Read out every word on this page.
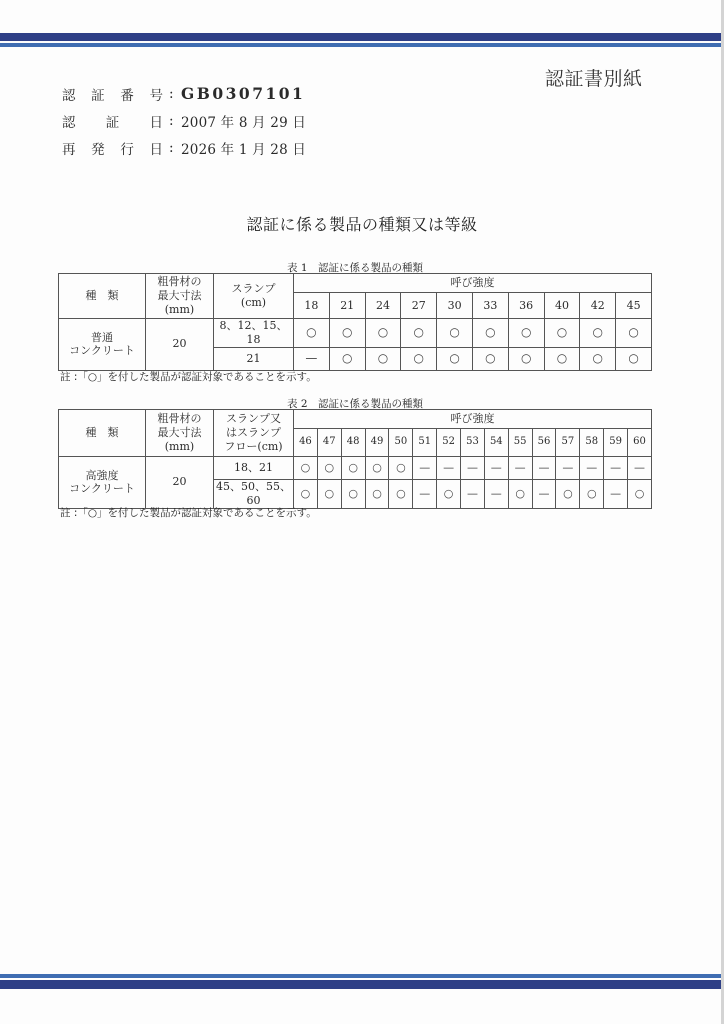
認証書別紙
認 証 番 号 : GB0307101
認 証 日 : 2007 年 8 月 29 日
再 発 行 日 : 2026 年 1 月 28 日
認証に係る製品の種類又は等級
表 1　認証に係る製品の種類
種　類	
粗骨材の
最大寸法
(mm)

スランプ
(cm)
	呼び強度
			18	21	24	27	30	33	36	40	42	45

普通
コンクリート	20	8、12、15、18	○	○	○	○	○	○	○	○	○	○
		21	—	○	○	○	○	○	○	○	○	○
註 :「○」を付した製品が認証対象であることを示す。
表 2　認証に係る製品の種類
種　類	
粗骨材の
最大寸法
(mm)

スランプ又
はスランプ
フロー(cm)
	呼び強度
			46	47	48	49	50	51	52	53	54	55	56	57	58	59	60

高強度
コンクリート	20	18、21	○	○	○	○	○	—	—	—	—	—	—	—	—	—	—
		45、50、55、60	○	○	○	○	○	—	○	—	—	○	—	○	○	—	○
註 :「○」を付した製品が認証対象であることを示す。
